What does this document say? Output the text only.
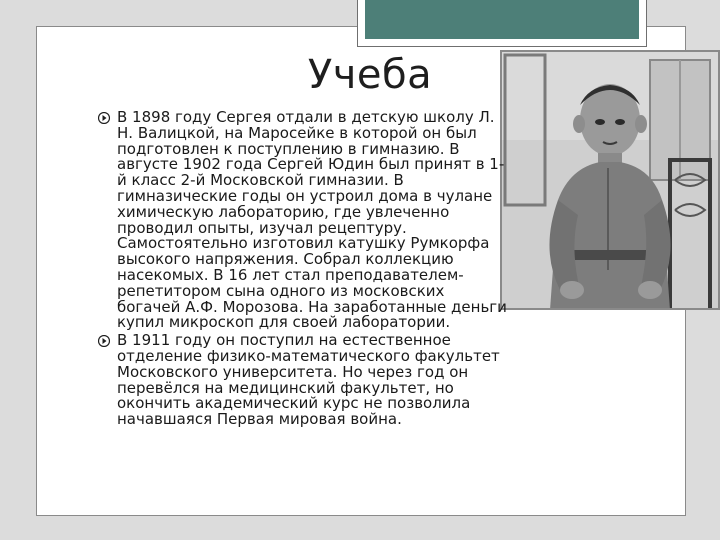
Учеба
В 1898 году Сергея отдали в детскую школу Л. Н. Валицкой, на Маросейке в которой он был подготовлен к поступлению в гимназию. В августе 1902 года Сергей Юдин был принят в 1-й класс 2-й Московской гимназии. В гимназические годы он устроил дома в чулане химическую лабораторию, где увлеченно проводил опыты, изучал рецептуру. Самостоятельно изготовил катушку Румкорфа высокого напряжения. Собрал коллекцию насекомых. В 16 лет стал преподавателем-репетитором сына одного из московских богачей А.Ф. Морозова. На заработанные деньги купил микроскоп для своей лаборатории.
В 1911 году он поступил на естественное отделение физико-математического факультет Московского университета. Но через год он перевёлся на медицинский факультет, но окончить академический курс не позволила начавшаяся Первая мировая война.
